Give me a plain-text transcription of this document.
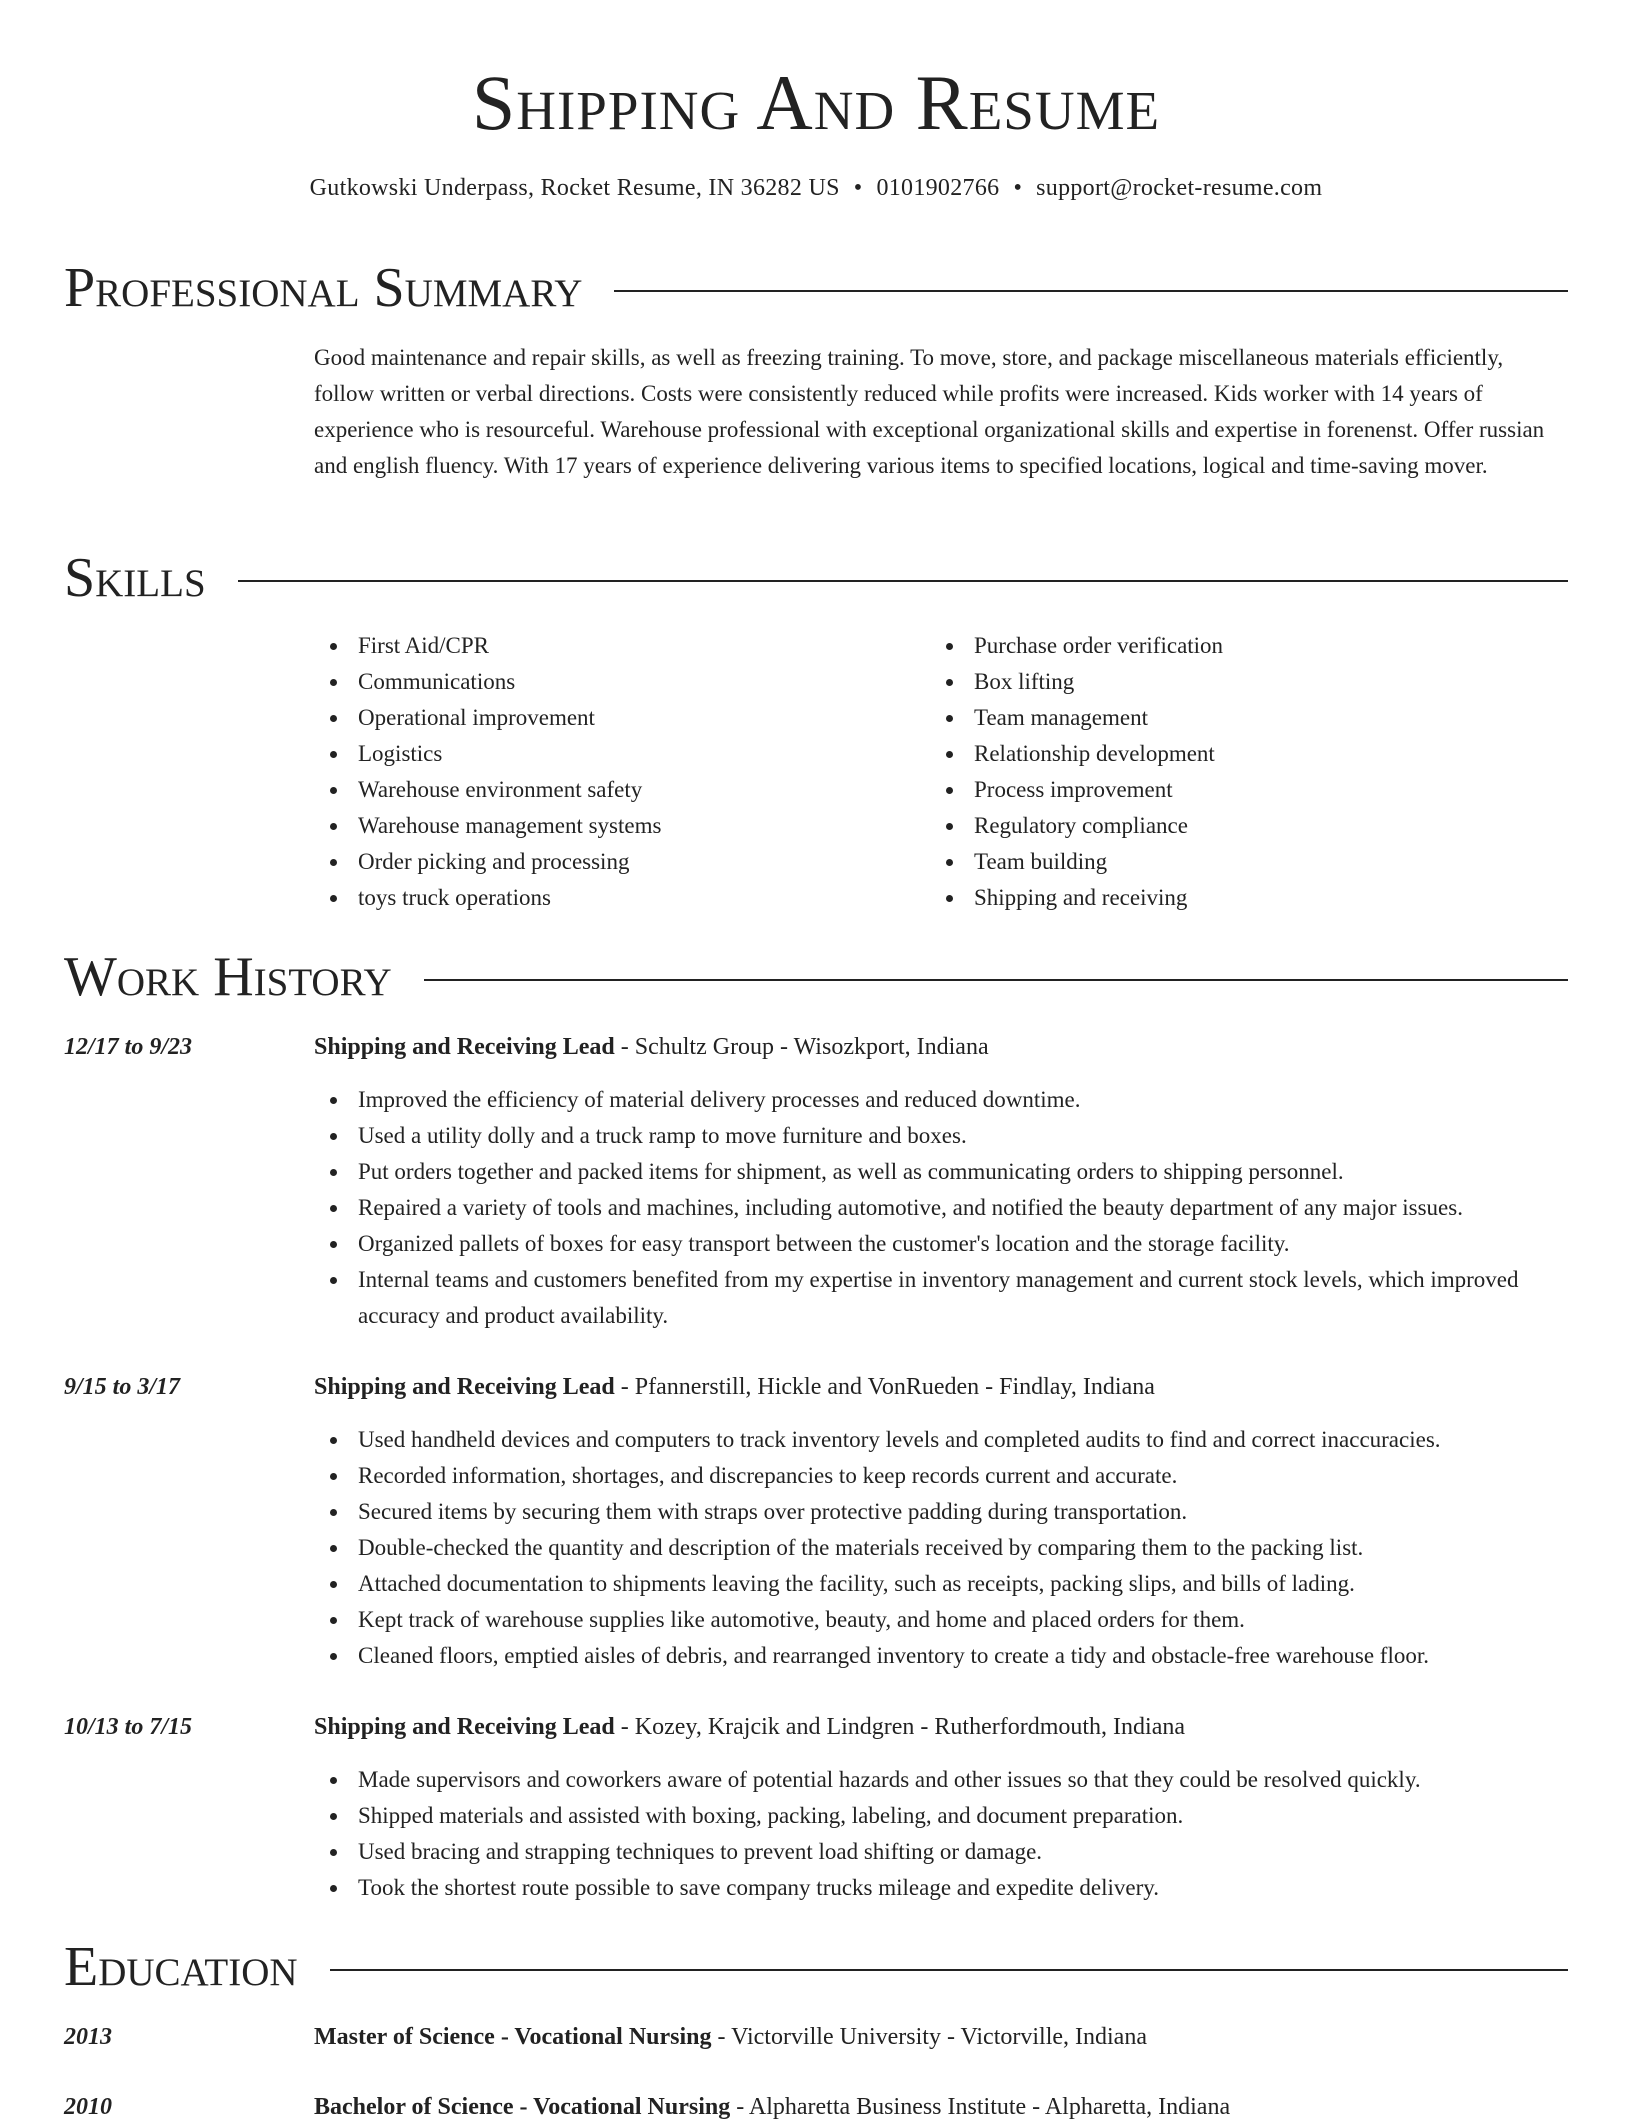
Shipping And Resume
Gutkowski Underpass, Rocket Resume, IN 36282 US • 0101902766 • support@rocket-resume.com
Professional Summary
Good maintenance and repair skills, as well as freezing training. To move, store, and package miscellaneous materials efficiently, follow written or verbal directions. Costs were consistently reduced while profits were increased. Kids worker with 14 years of experience who is resourceful. Warehouse professional with exceptional organizational skills and expertise in forenenst. Offer russian and english fluency. With 17 years of experience delivering various items to specified locations, logical and time-saving mover.
Skills
First Aid/CPR
Communications
Operational improvement
Logistics
Warehouse environment safety
Warehouse management systems
Order picking and processing
toys truck operations
Purchase order verification
Box lifting
Team management
Relationship development
Process improvement
Regulatory compliance
Team building
Shipping and receiving
Work History
12/17 to 9/23	Shipping and Receiving Lead - Schultz Group - Wisozkport, Indiana
Improved the efficiency of material delivery processes and reduced downtime.
Used a utility dolly and a truck ramp to move furniture and boxes.
Put orders together and packed items for shipment, as well as communicating orders to shipping personnel.
Repaired a variety of tools and machines, including automotive, and notified the beauty department of any major issues.
Organized pallets of boxes for easy transport between the customer's location and the storage facility.
Internal teams and customers benefited from my expertise in inventory management and current stock levels, which improved accuracy and product availability.
9/15 to 3/17	Shipping and Receiving Lead - Pfannerstill, Hickle and VonRueden - Findlay, Indiana
Used handheld devices and computers to track inventory levels and completed audits to find and correct inaccuracies.
Recorded information, shortages, and discrepancies to keep records current and accurate.
Secured items by securing them with straps over protective padding during transportation.
Double-checked the quantity and description of the materials received by comparing them to the packing list.
Attached documentation to shipments leaving the facility, such as receipts, packing slips, and bills of lading.
Kept track of warehouse supplies like automotive, beauty, and home and placed orders for them.
Cleaned floors, emptied aisles of debris, and rearranged inventory to create a tidy and obstacle-free warehouse floor.
10/13 to 7/15	Shipping and Receiving Lead - Kozey, Krajcik and Lindgren - Rutherfordmouth, Indiana
Made supervisors and coworkers aware of potential hazards and other issues so that they could be resolved quickly.
Shipped materials and assisted with boxing, packing, labeling, and document preparation.
Used bracing and strapping techniques to prevent load shifting or damage.
Took the shortest route possible to save company trucks mileage and expedite delivery.
Education
2013	Master of Science - Vocational Nursing - Victorville University - Victorville, Indiana
2010	Bachelor of Science - Vocational Nursing - Alpharetta Business Institute - Alpharetta, Indiana
